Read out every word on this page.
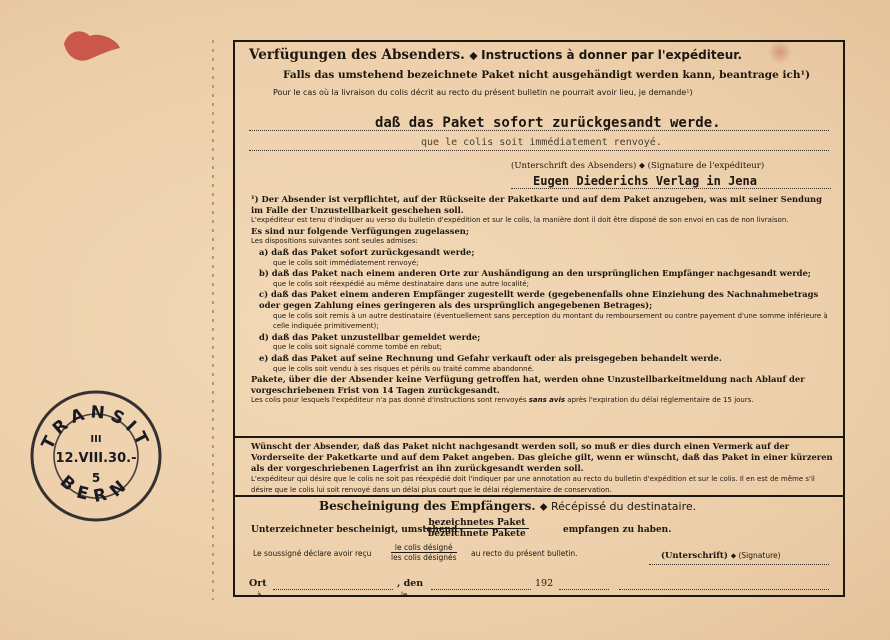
Verfügungen des Absenders. ⬥ Instructions à donner par l'expéditeur.
Falls das umstehend bezeichnete Paket nicht ausgehändigt werden kann, beantrage ich¹)
Pour le cas où la livraison du colis décrit au recto du présent bulletin ne pourrait avoir lieu, je demande¹)
daß das Paket sofort zurückgesandt werde.
que le colis soit immédiatement renvoyé.
(Unterschrift des Absenders) ⬥ (Signature de l'expéditeur)
Eugen Diederichs Verlag in Jena

¹) Der Absender ist verpflichtet, auf der Rückseite der Paketkarte und auf dem Paket anzugeben, was mit seiner Sendung im Falle der Unzustellbarkeit geschehen soll.

L'expéditeur est tenu d'indiquer au verso du bulletin d'expédition et sur le colis, la manière dont il doit être disposé de son envoi en cas de non livraison.

Es sind nur folgende Verfügungen zugelassen;

Les dispositions suivantes sont seules admises:

a) daß das Paket sofort zurückgesandt werde;

que le colis soit immédiatement renvoyé;

b) daß das Paket nach einem anderen Orte zur Aushändigung an den ursprünglichen Empfänger nachgesandt werde;

que le colis soit réexpédié au même destinataire dans une autre localité;

c) daß das Paket einem anderen Empfänger zugestellt werde (gegebenenfalls ohne Einziehung des Nachnahmebetrags oder gegen Zahlung eines geringeren als des ursprünglich angegebenen Betrages);

que le colis soit remis à un autre destinataire (éventuellement sans perception du montant du remboursement ou contre payement d'une somme inférieure à celle indiquée primitivement);

d) daß das Paket unzustellbar gemeldet werde;

que le colis soit signalé comme tombé en rebut;

e) daß das Paket auf seine Rechnung und Gefahr verkauft oder als preisgegeben behandelt werde.

que le colis soit vendu à ses risques et périls ou traité comme abandonné.

Pakete, über die der Absender keine Verfügung getroffen hat, werden ohne Unzustellbarkeitmeldung nach Ablauf der vorgeschriebenen Frist von 14 Tagen zurückgesandt.

Les colis pour lesquels l'expéditeur n'a pas donné d'instructions sont renvoyés sans avis après l'expiration du délai réglementaire de 15 jours.

Wünscht der Absender, daß das Paket nicht nachgesandt werden soll, so muß er dies durch einen Vermerk auf der Vorderseite der Paketkarte und auf dem Paket angeben. Das gleiche gilt, wenn er wünscht, daß das Paket in einer kürzeren als der vorgeschriebenen Lagerfrist an ihn zurückgesandt werden soll.

L'expéditeur qui désire que le colis ne soit pas réexpédié doit l'indiquer par une annotation au recto du bulletin d'expédition et sur le colis. Il en est de même s'il désire que le colis lui soit renvoyé dans un délai plus court que le délai réglementaire de conservation.

Bescheinigung des Empfängers. ⬥ Récépissé du destinataire.
Unterzeichneter bescheinigt, umstehend
bezeichnetes Paket
bezeichnete Pakete	empfangen zu haben.
Le soussigné déclare avoir reçu
le colis désigné
les colis désignés au recto du présent bulletin.	(Unterschrift) ⬥ (Signature)
Ort	, den	192
à	le
TRANSIT
BERN
III
12.VIII.30.-
5
